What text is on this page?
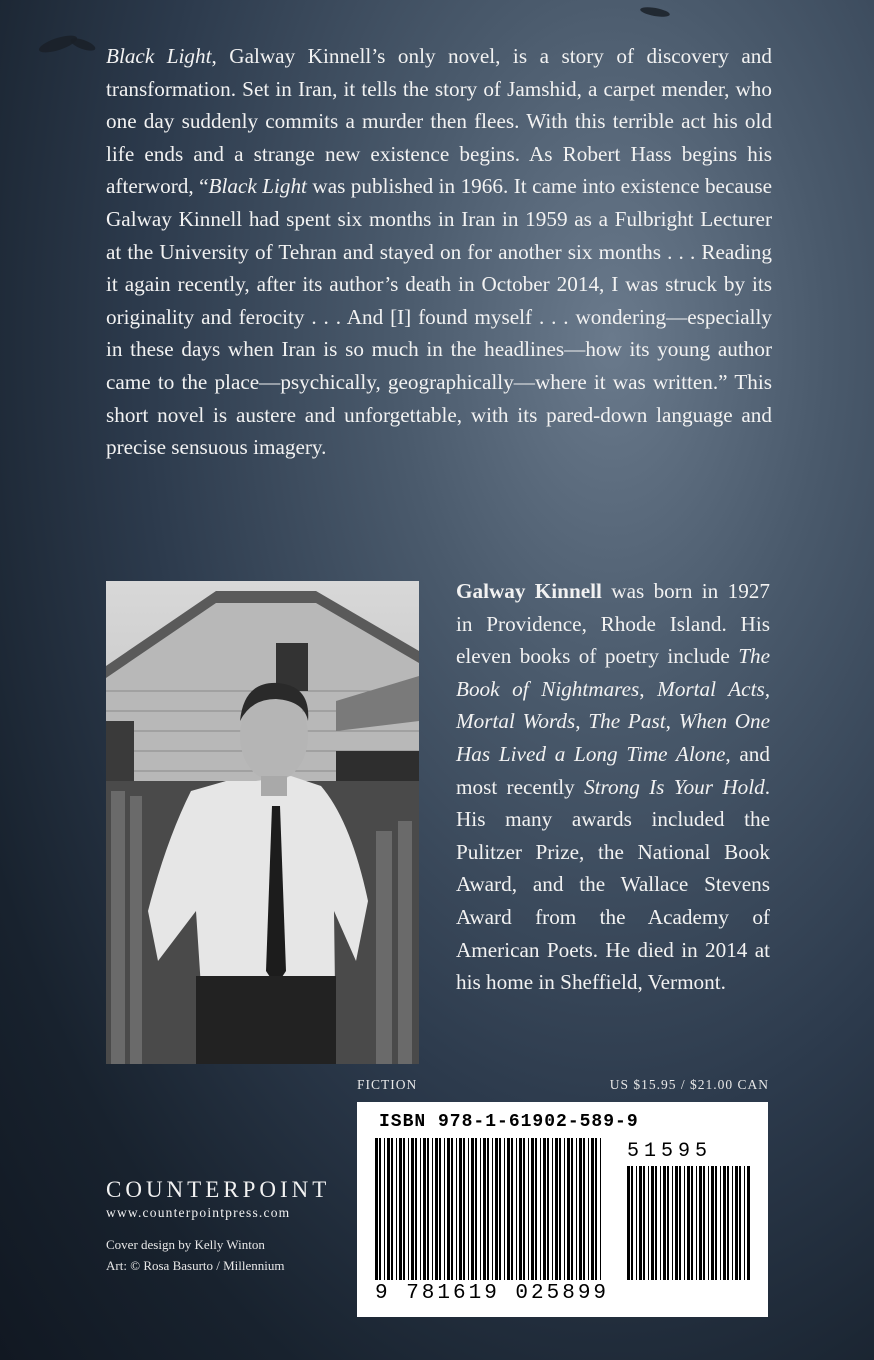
Black Light, Galway Kinnell’s only novel, is a story of discovery and transformation. Set in Iran, it tells the story of Jamshid, a carpet mender, who one day suddenly commits a murder then flees. With this terrible act his old life ends and a strange new existence begins. As Robert Hass begins his afterword, “Black Light was published in 1966. It came into existence because Galway Kinnell had spent six months in Iran in 1959 as a Fulbright Lecturer at the University of Tehran and stayed on for another six months . . . Reading it again recently, after its author’s death in October 2014, I was struck by its originality and ferocity . . . And [I] found myself . . . wondering—especially in these days when Iran is so much in the headlines—how its young author came to the place—psychically, geographically—where it was written.” This short novel is austere and unforgettable, with its pared-down language and precise sensuous imagery.
Galway Kinnell was born in 1927 in Providence, Rhode Island. His eleven books of poetry include The Book of Nightmares, Mortal Acts, Mortal Words, The Past, When One Has Lived a Long Time Alone, and most recently Strong Is Your Hold. His many awards included the Pulitzer Prize, the National Book Award, and the Wallace Stevens Award from the Academy of American Poets. He died in 2014 at his home in Sheffield, Vermont.
FICTION	US $15.95 / $21.00 CAN
ISBN 978-1-61902-589-9
51595
9 781619 025899
COUNTERPOINT
www.counterpointpress.com
Cover design by Kelly Winton
Art: © Rosa Basurto / Millennium
